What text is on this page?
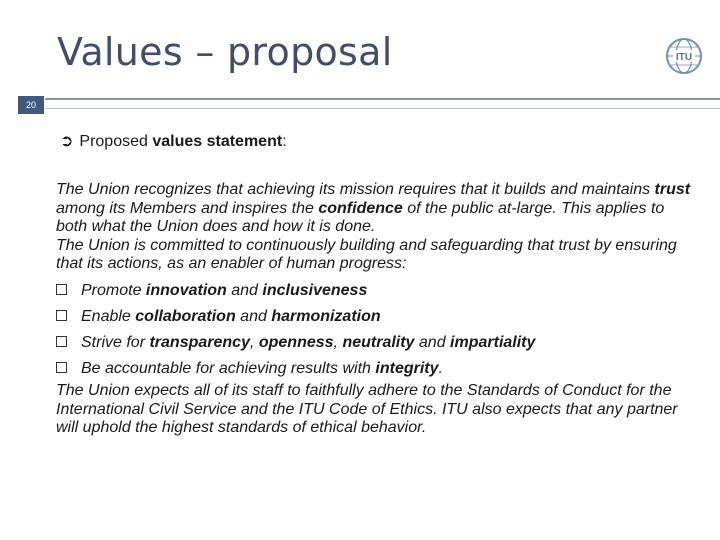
Values – proposal	ITU
20
➲ Proposed values statement:

The Union recognizes that achieving its mission requires that it builds and maintains trust among its Members and inspires the confidence of the public at-large. This applies to both what the Union does and how it is done.

The Union is committed to continuously building and safeguarding that trust by ensuring that its actions, as an enabler of human progress:

Promote innovation and inclusiveness
Enable collaboration and harmonization
Strive for transparency, openness, neutrality and impartiality
Be accountable for achieving results with integrity.

The Union expects all of its staff to faithfully adhere to the Standards of Conduct for the International Civil Service and the ITU Code of Ethics. ITU also expects that any partner will uphold the highest standards of ethical behavior.
